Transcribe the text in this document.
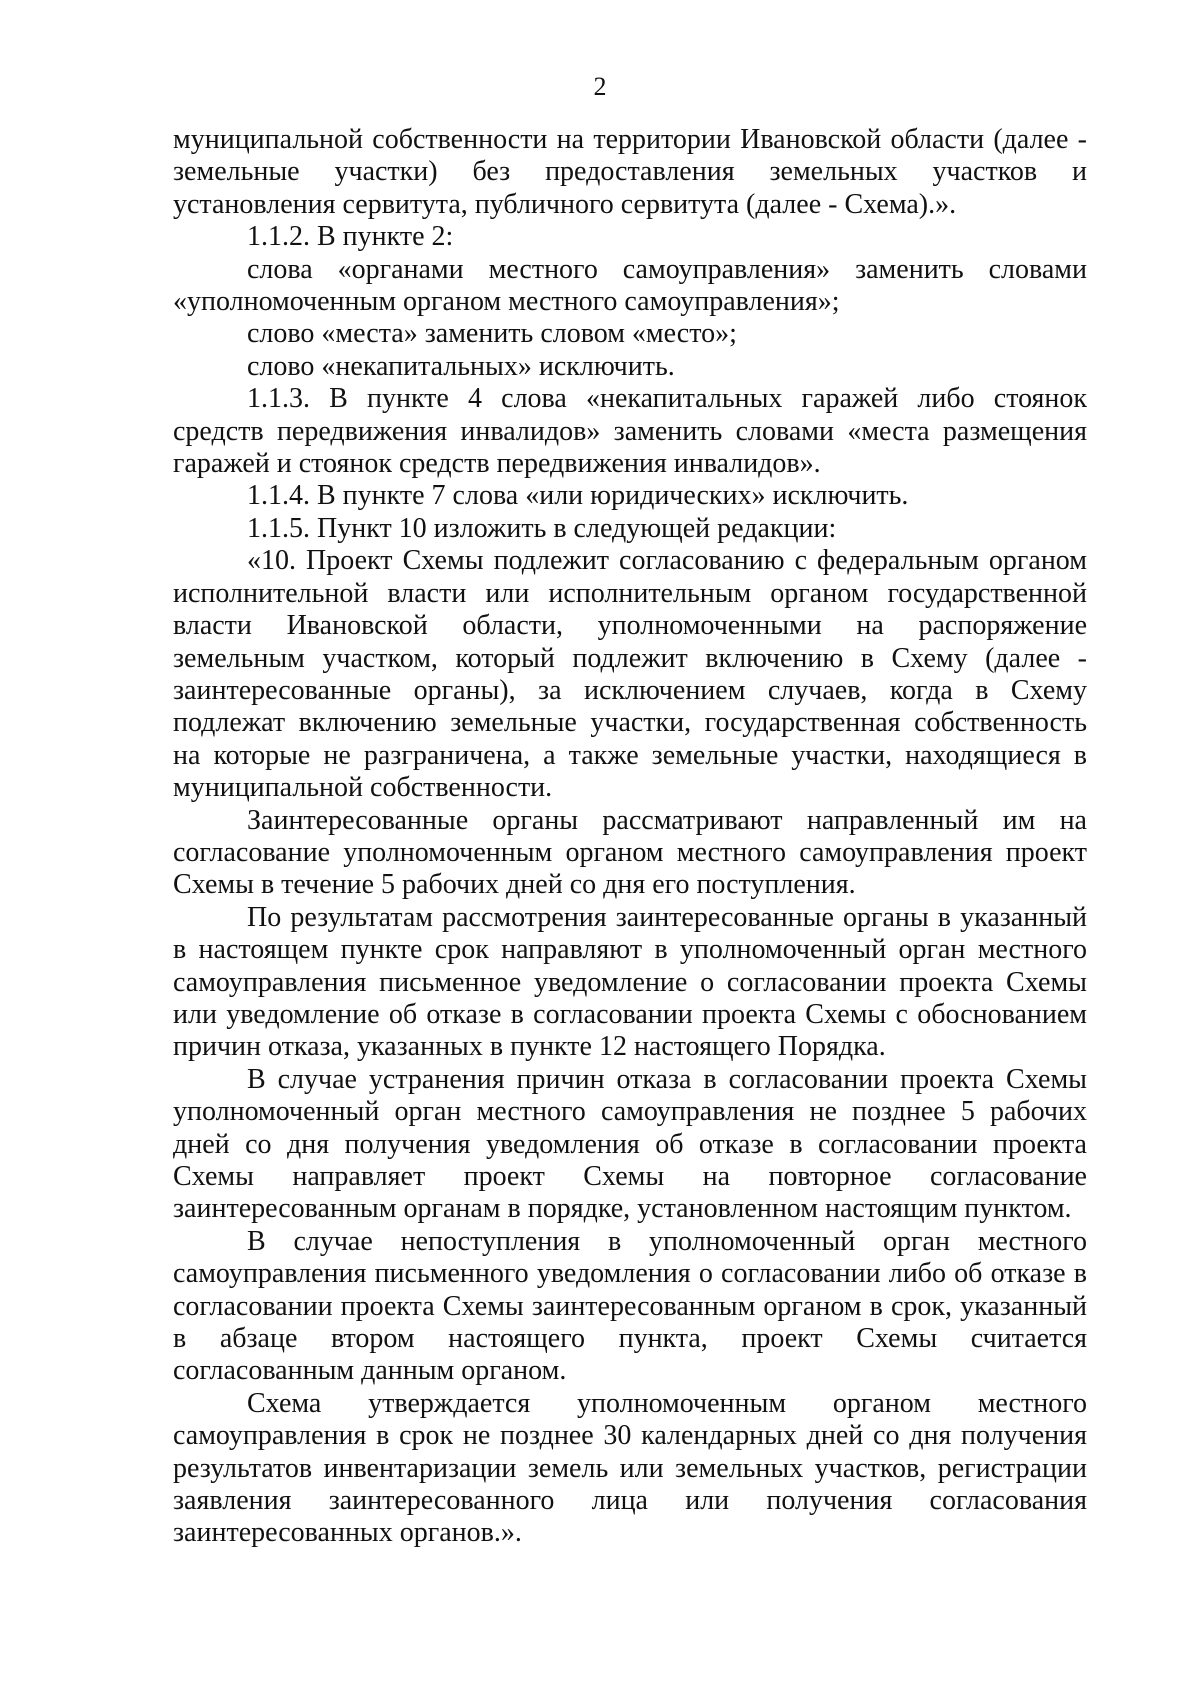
2

муниципальной собственности на территории Ивановской области (далее - земельные участки) без предоставления земельных участков и установления сервитута, публичного сервитута (далее - Схема).».

1.1.2. В пункте 2:

слова «органами местного самоуправления» заменить словами «уполномоченным органом местного самоуправления»;

слово «места» заменить словом «место»;

слово «некапитальных» исключить.

1.1.3. В пункте 4 слова «некапитальных гаражей либо стоянок средств передвижения инвалидов» заменить словами «места размещения гаражей и стоянок средств передвижения инвалидов».

1.1.4. В пункте 7 слова «или юридических» исключить.

1.1.5. Пункт 10 изложить в следующей редакции:

«10. Проект Схемы подлежит согласованию с федеральным органом исполнительной власти или исполнительным органом государственной власти Ивановской области, уполномоченными на распоряжение земельным участком, который подлежит включению в Схему (далее - заинтересованные органы), за исключением случаев, когда в Схему подлежат включению земельные участки, государственная собственность на которые не разграничена, а также земельные участки, находящиеся в муниципальной собственности.

Заинтересованные органы рассматривают направленный им на согласование уполномоченным органом местного самоуправления проект Схемы в течение 5 рабочих дней со дня его поступления.

По результатам рассмотрения заинтересованные органы в указанный в настоящем пункте срок направляют в уполномоченный орган местного самоуправления письменное уведомление о согласовании проекта Схемы или уведомление об отказе в согласовании проекта Схемы с обоснованием причин отказа, указанных в пункте 12 настоящего Порядка.

В случае устранения причин отказа в согласовании проекта Схемы уполномоченный орган местного самоуправления не позднее 5 рабочих дней со дня получения уведомления об отказе в согласовании проекта Схемы направляет проект Схемы на повторное согласование заинтересованным органам в порядке, установленном настоящим пунктом.

В случае непоступления в уполномоченный орган местного самоуправления письменного уведомления о согласовании либо об отказе в согласовании проекта Схемы заинтересованным органом в срок, указанный в абзаце втором настоящего пункта, проект Схемы считается согласованным данным органом.

Схема утверждается уполномоченным органом местного самоуправления в срок не позднее 30 календарных дней со дня получения результатов инвентаризации земель или земельных участков, регистрации заявления заинтересованного лица или получения согласования заинтересованных органов.».
